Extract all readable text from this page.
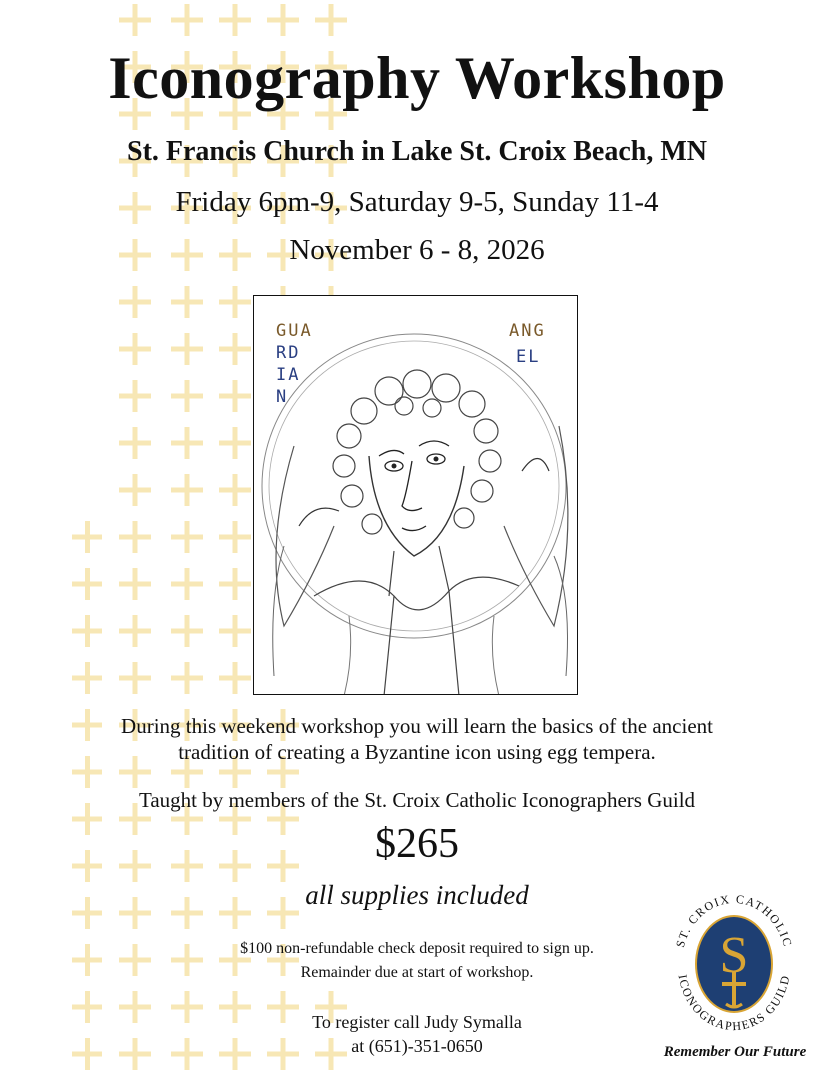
Iconography Workshop
St. Francis Church in Lake St. Croix Beach, MN
Friday 6pm-9, Saturday 9-5, Sunday 11-4
November 6 - 8, 2026
GUA
RD
IA
N
ANG
EL
During this weekend workshop you will learn the basics of the ancient
tradition of creating a Byzantine icon using egg tempera.
Taught by members of the St. Croix Catholic Iconographers Guild
$265
all supplies included
$100 non-refundable check deposit required to sign up.
Remainder due at start of workshop.
To register call Judy Symalla
at (651)-351-0650
ST. CROIX CATHOLIC
ICONOGRAPHERS GUILD
S
Remember Our Future
